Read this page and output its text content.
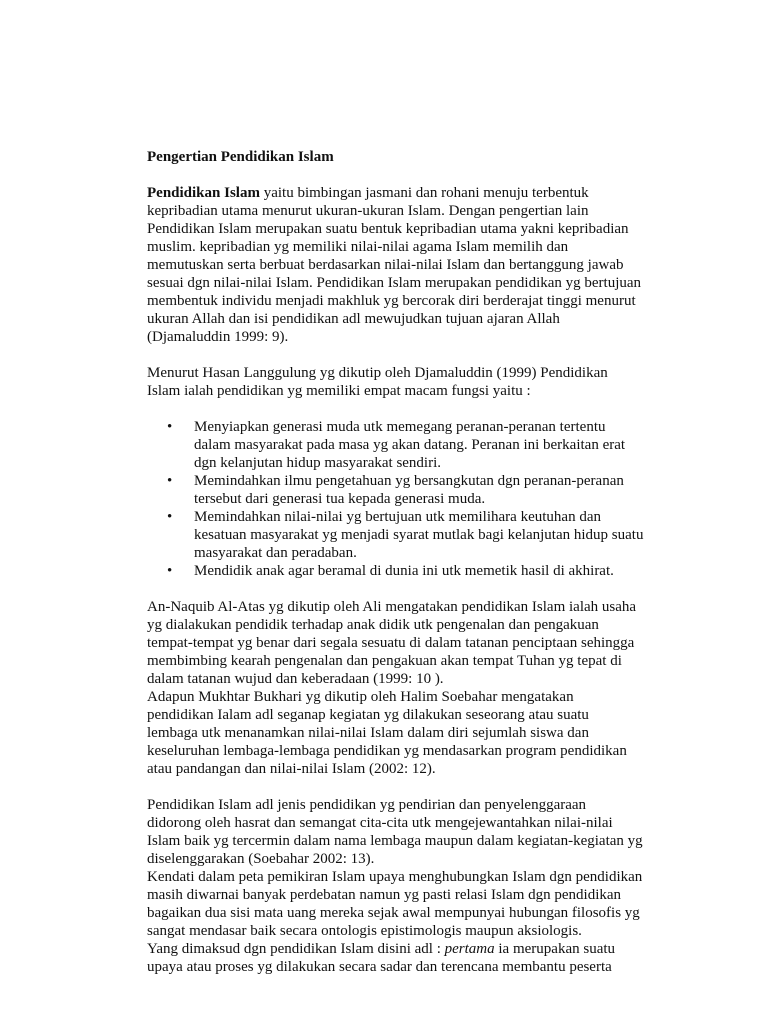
Pengertian Pendidikan Islam

Pendidikan Islam yaitu bimbingan jasmani dan rohani menuju terbentuk
kepribadian utama menurut ukuran-ukuran Islam. Dengan pengertian lain
Pendidikan Islam merupakan suatu bentuk kepribadian utama yakni kepribadian
muslim. kepribadian yg memiliki nilai-nilai agama Islam memilih dan
memutuskan serta berbuat berdasarkan nilai-nilai Islam dan bertanggung jawab
sesuai dgn nilai-nilai Islam. Pendidikan Islam merupakan pendidikan yg bertujuan
membentuk individu menjadi makhluk yg bercorak diri berderajat tinggi menurut
ukuran Allah dan isi pendidikan adl mewujudkan tujuan ajaran Allah
(Djamaluddin 1999: 9).

Menurut Hasan Langgulung yg dikutip oleh Djamaluddin (1999) Pendidikan
Islam ialah pendidikan yg memiliki empat macam fungsi yaitu :

• Menyiapkan generasi muda utk memegang peranan-peranan tertentu
dalam masyarakat pada masa yg akan datang. Peranan ini berkaitan erat
dgn kelanjutan hidup masyarakat sendiri.
• Memindahkan ilmu pengetahuan yg bersangkutan dgn peranan-peranan
tersebut dari generasi tua kepada generasi muda.
• Memindahkan nilai-nilai yg bertujuan utk memilihara keutuhan dan
kesatuan masyarakat yg menjadi syarat mutlak bagi kelanjutan hidup suatu
masyarakat dan peradaban.
• Mendidik anak agar beramal di dunia ini utk memetik hasil di akhirat.

An-Naquib Al-Atas yg dikutip oleh Ali mengatakan pendidikan Islam ialah usaha
yg dialakukan pendidik terhadap anak didik utk pengenalan dan pengakuan
tempat-tempat yg benar dari segala sesuatu di dalam tatanan penciptaan sehingga
membimbing kearah pengenalan dan pengakuan akan tempat Tuhan yg tepat di
dalam tatanan wujud dan keberadaan (1999: 10 ).
Adapun Mukhtar Bukhari yg dikutip oleh Halim Soebahar mengatakan
pendidikan Ialam adl seganap kegiatan yg dilakukan seseorang atau suatu
lembaga utk menanamkan nilai-nilai Islam dalam diri sejumlah siswa dan
keseluruhan lembaga-lembaga pendidikan yg mendasarkan program pendidikan
atau pandangan dan nilai-nilai Islam (2002: 12).

Pendidikan Islam adl jenis pendidikan yg pendirian dan penyelenggaraan
didorong oleh hasrat dan semangat cita-cita utk mengejewantahkan nilai-nilai
Islam baik yg tercermin dalam nama lembaga maupun dalam kegiatan-kegiatan yg
diselenggarakan (Soebahar 2002: 13).
Kendati dalam peta pemikiran Islam upaya menghubungkan Islam dgn pendidikan
masih diwarnai banyak perdebatan namun yg pasti relasi Islam dgn pendidikan
bagaikan dua sisi mata uang mereka sejak awal mempunyai hubungan filosofis yg
sangat mendasar baik secara ontologis epistimologis maupun aksiologis.

Yang dimaksud dgn pendidikan Islam disini adl : pertama ia merupakan suatu
upaya atau proses yg dilakukan secara sadar dan terencana membantu peserta
